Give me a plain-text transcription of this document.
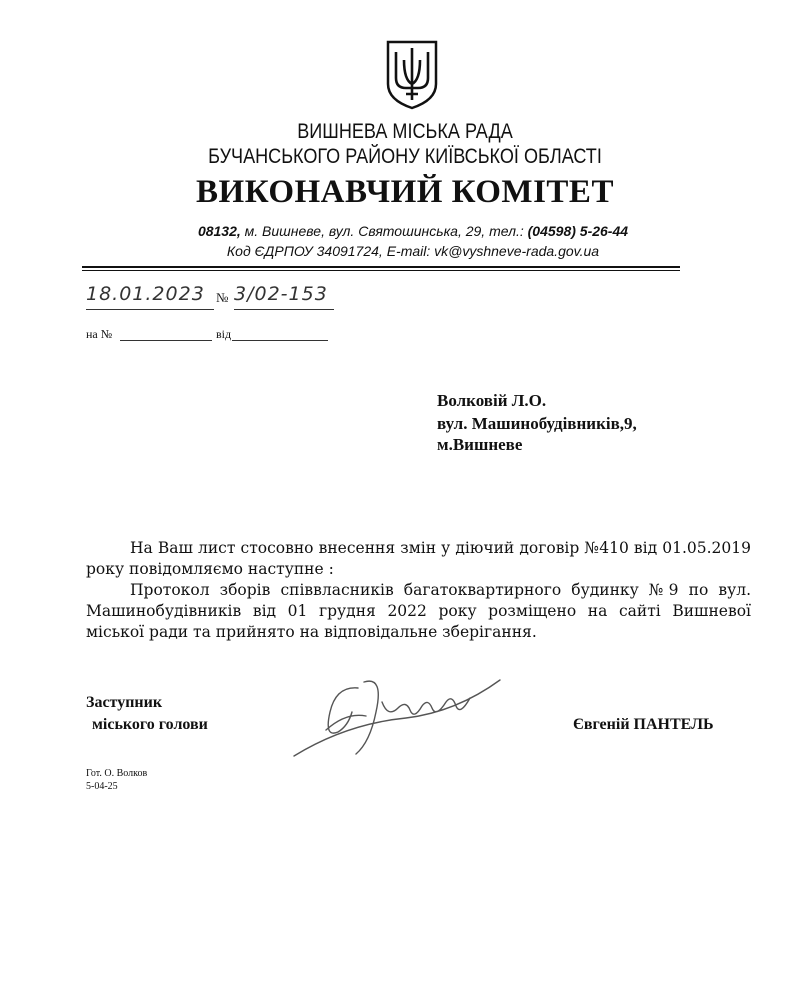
ВИШНЕВА МІСЬКА РАДА
БУЧАНСЬКОГО РАЙОНУ КИЇВСЬКОЇ ОБЛАСТІ
ВИКОНАВЧИЙ КОМІТЕТ
08132, м. Вишневе, вул. Святошинська, 29, тел.: (04598) 5-26-44
Код ЄДРПОУ 34091724, E-mail: vk@vyshneve-rada.gov.ua
18.01.2023 № 3/02-153
на №	від
Волковій Л.О.
вул. Машинобудівників,9,
м.Вишневе
На Ваш лист стосовно внесення змін у діючий договір №410 від 01.05.2019 року повідомляємо наступне :
Протокол зборів співвласників багатоквартирного будинку №9 по вул. Машинобудівників від 01 грудня 2022 року розміщено на сайті Вишневої міської ради та прийнято на відповідальне зберігання.
Заступник
міського голови	Євгеній ПАНТЕЛЬ
Гот. О. Волков
5-04-25
